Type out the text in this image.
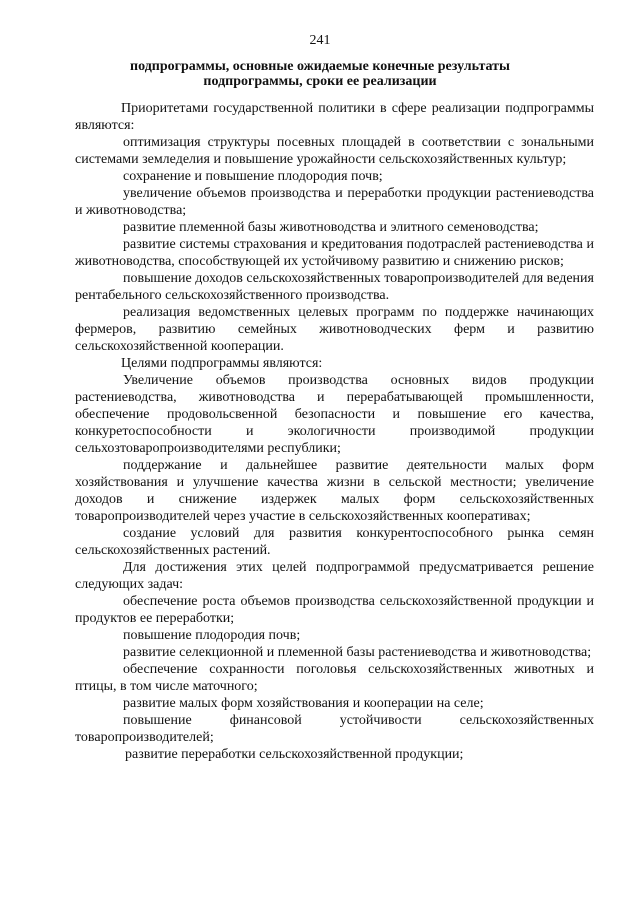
241
подпрограммы, основные ожидаемые конечные результаты подпрограммы, сроки ее реализации

Приоритетами государственной политики в сфере реализации подпрограммы являются:

оптимизация структуры посевных площадей в соответствии с зональными системами земледелия и повышение урожайности сельскохозяйственных культур;

сохранение и повышение плодородия почв;

увеличение объемов производства и переработки продукции растениеводства и животноводства;

развитие племенной базы животноводства и элитного семеноводства;

развитие системы страхования и кредитования подотраслей растениеводства и животноводства, способствующей их устойчивому развитию и снижению рисков;

повышение доходов сельскохозяйственных товаропроизводителей для ведения рентабельного сельскохозяйственного производства.

реализация ведомственных целевых программ по поддержке начинающих фермеров, развитию семейных животноводческих ферм и развитию сельскохозяйственной кооперации.

Целями подпрограммы являются:

Увеличение объемов производства основных видов продукции растениеводства, животноводства и перерабатывающей промышленности, обеспечение продовольсвенной безопасности и повышение его качества, конкуретоспособности и экологичности производимой продукции сельхозтоваропроизводителями республики;

поддержание и дальнейшее развитие деятельности малых форм хозяйствования и улучшение качества жизни в сельской местности; увеличение доходов и снижение издержек малых форм сельскохозяйственных товаропроизводителей через участие в сельскохозяйственных кооперативах;

создание условий для развития конкурентоспособного рынка семян сельскохозяйственных растений.

Для достижения этих целей подпрограммой предусматривается решение следующих задач:

обеспечение роста объемов производства сельскохозяйственной продукции и продуктов ее переработки;

повышение плодородия почв;

развитие селекционной и племенной базы растениеводства и животноводства;

обеспечение сохранности поголовья сельскохозяйственных животных и птицы, в том числе маточного;

развитие малых форм хозяйствования и кооперации на селе;

повышение финансовой устойчивости сельскохозяйственных товаропроизводителей;

развитие переработки сельскохозяйственной продукции;
